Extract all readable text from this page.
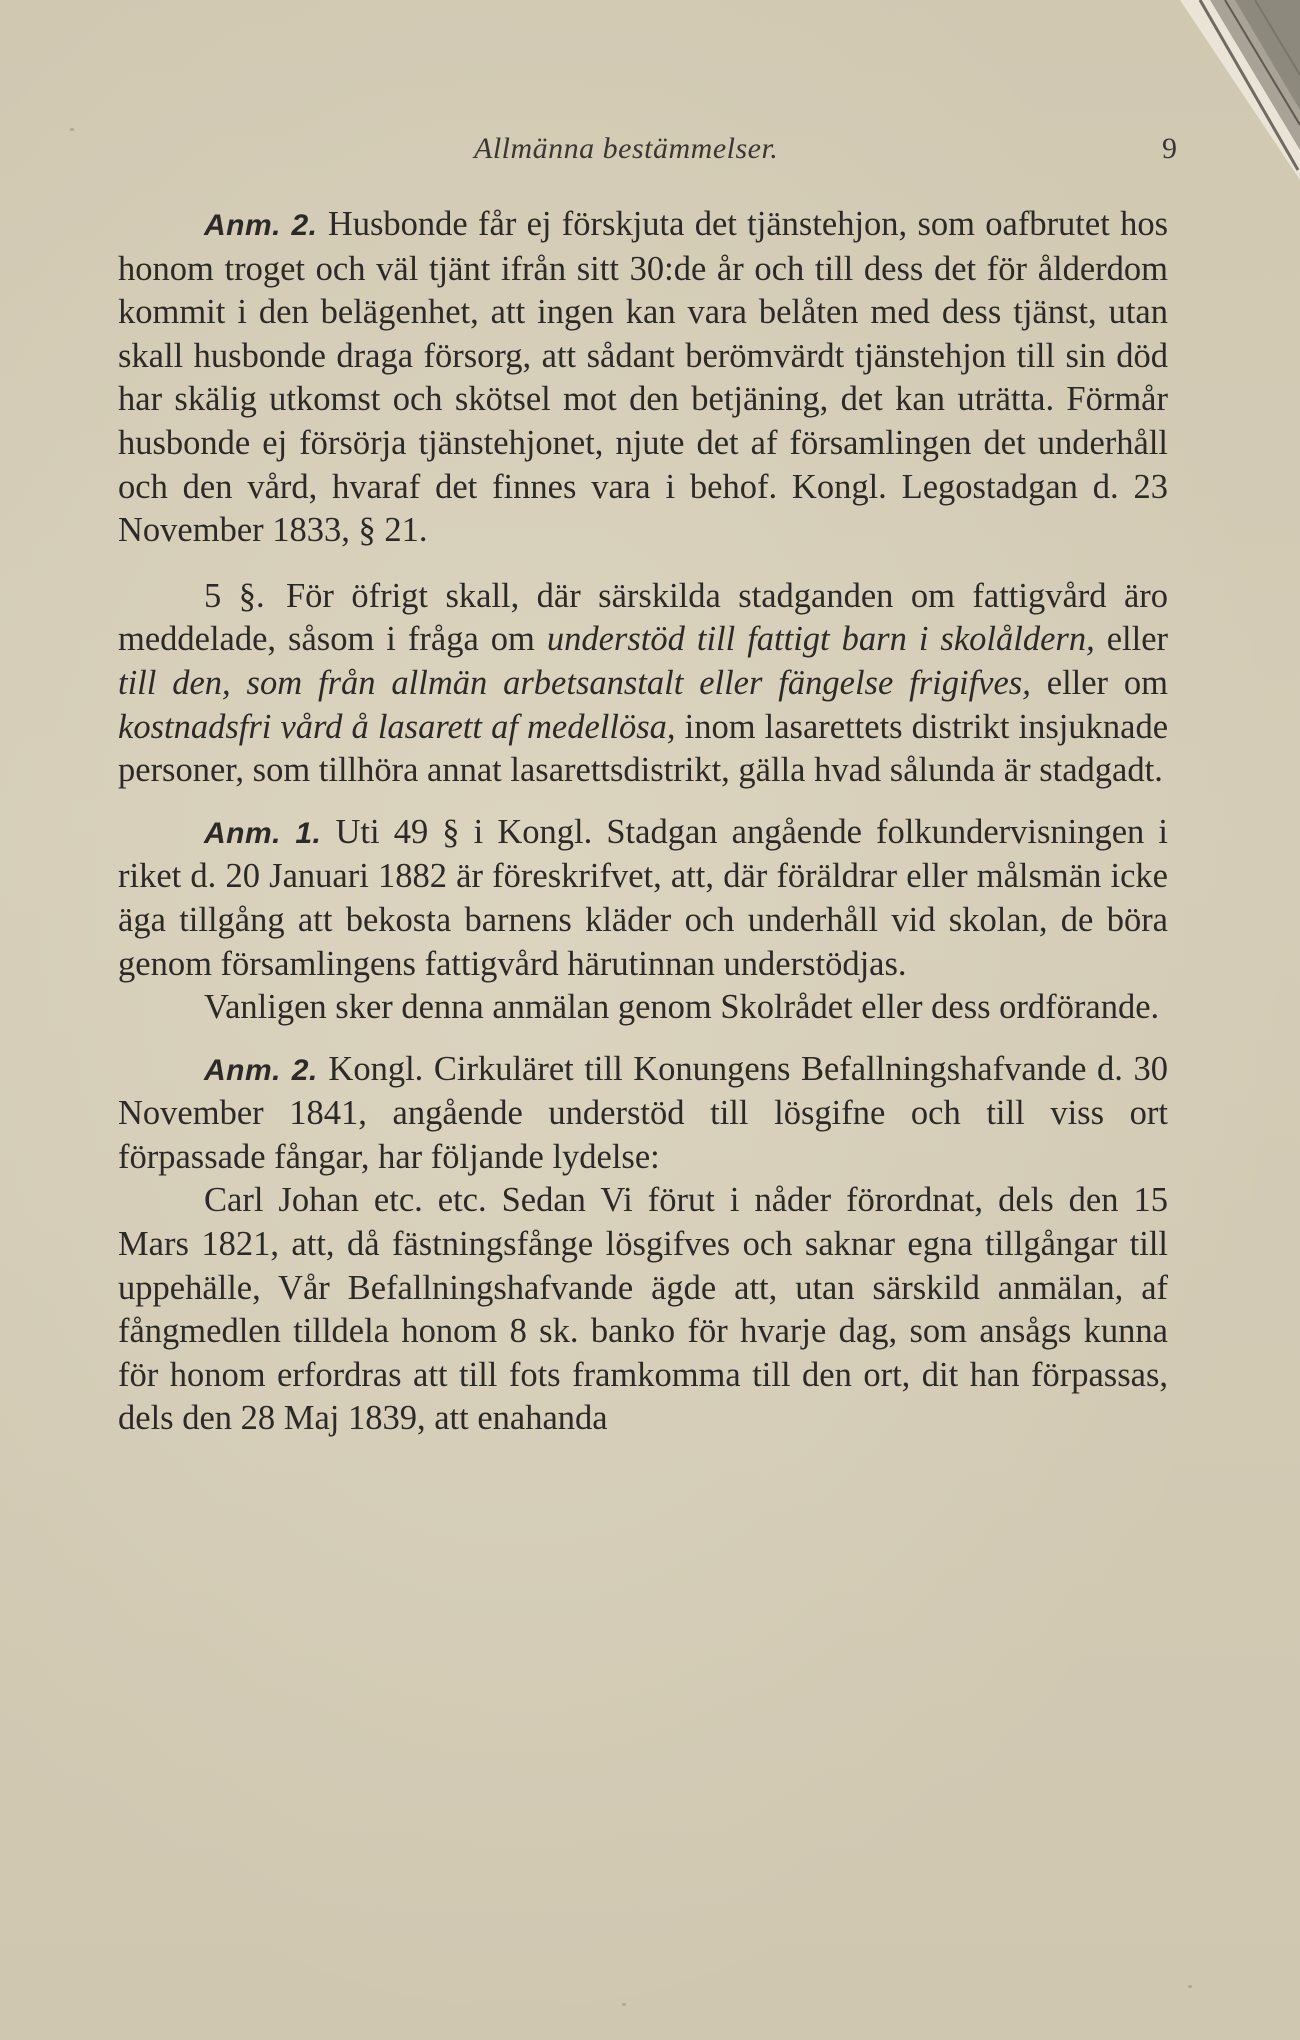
Allmänna bestämmelser.	9

Anm. 2. Husbonde får ej förskjuta det tjänstehjon, som oafbrutet hos honom troget och väl tjänt ifrån sitt 30:de år och till dess det för ålderdom kommit i den belägenhet, att ingen kan vara belåten med dess tjänst, utan skall husbonde draga försorg, att sådant berömvärdt tjänstehjon till sin död har skälig utkomst och skötsel mot den betjäning, det kan uträtta. Förmår husbonde ej försörja tjänstehjonet, njute det af församlingen det underhåll och den vård, hvaraf det finnes vara i behof. Kongl. Legostadgan d. 23 November 1833, § 21.

5 §. För öfrigt skall, där särskilda stadganden om fattigvård äro meddelade, såsom i fråga om understöd till fattigt barn i skolåldern, eller till den, som från allmän arbetsanstalt eller fängelse frigifves, eller om kostnadsfri vård å lasarett af medellösa, inom lasarettets distrikt insjuknade personer, som tillhöra annat lasarettsdistrikt, gälla hvad sålunda är stadgadt.

Anm. 1. Uti 49 § i Kongl. Stadgan angående folkundervisningen i riket d. 20 Januari 1882 är föreskrifvet, att, där föräldrar eller målsmän icke äga tillgång att bekosta barnens kläder och underhåll vid skolan, de böra genom församlingens fattigvård härutinnan understödjas.

Vanligen sker denna anmälan genom Skolrådet eller dess ordförande.

Anm. 2. Kongl. Cirkuläret till Konungens Befallningshafvande d. 30 November 1841, angående understöd till lösgifne och till viss ort förpassade fångar, har följande lydelse:

Carl Johan etc. etc. Sedan Vi förut i nåder förordnat, dels den 15 Mars 1821, att, då fästningsfånge lösgifves och saknar egna tillgångar till uppehälle, Vår Befallningshafvande ägde att, utan särskild anmälan, af fångmedlen tilldela honom 8 sk. banko för hvarje dag, som ansågs kunna för honom erfordras att till fots framkomma till den ort, dit han förpassas, dels den 28 Maj 1839, att enahanda
